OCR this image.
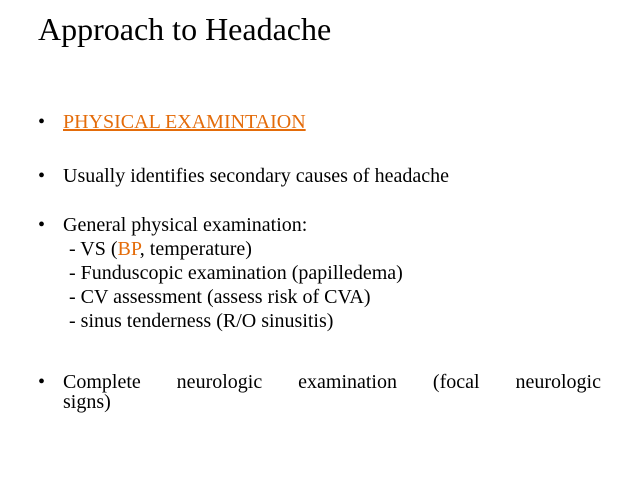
Approach to Headache
• PHYSICAL EXAMINTAION
• Usually identifies secondary causes of headache
• General physical examination:
- VS (BP, temperature)
- Funduscopic examination (papilledema)
- CV assessment (assess risk of CVA)
- sinus tenderness (R/O sinusitis)
• Complete neurologic examination (focal neurologic
signs)
